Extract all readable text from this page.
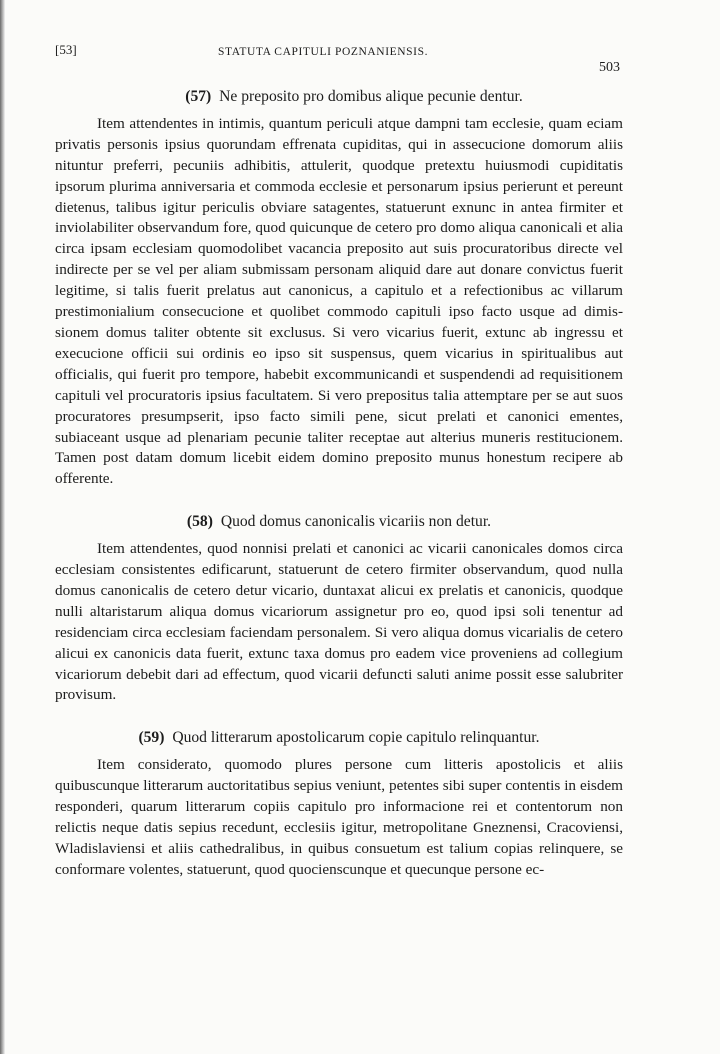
[53]	STATUTA CAPITULI POZNANIENSIS.
503
(57) Ne preposito pro domibus alique pecunie dentur.

Item attendentes in intimis, quantum periculi atque dampni tam ecclesie, quam eciam privatis personis ipsius quorundam effrenata cupiditas, qui in assecucione domorum aliis nituntur preferri, pecuniis adhibitis, attulerit, quodque pretextu huiusmodi cupiditatis ipsorum plurima anniversaria et commoda ecclesie et personarum ipsius perierunt et pereunt dietenus, talibus igitur periculis obviare satagentes, statuerunt exnunc in antea firmiter et inviolabiliter observandum fore, quod quicunque de cetero pro domo aliqua canonicali et alia circa ipsam ecclesiam quomodolibet vacancia preposito aut suis procuratoribus directe vel indirecte per se vel per aliam submissam personam aliquid dare aut donare convictus fuerit legitime, si talis fuerit prelatus aut canonicus, a capitulo et a refectionibus ac villarum prestimonialium consecucione et quolibet commodo capituli ipso facto usque ad dimissionem domus taliter obtente sit exclusus. Si vero vicarius fuerit, extunc ab ingressu et execucione officii sui ordinis eo ipso sit suspensus, quem vicarius in spiritualibus aut officialis, qui fuerit pro tempore, habebit excommunicandi et suspendendi ad requisitionem capituli vel procuratoris ipsius facultatem. Si vero prepositus talia attemptare per se aut suos procuratores presumpserit, ipso facto simili pene, sicut prelati et canonici ementes, subiaceant usque ad plenariam pecunie taliter receptae aut alterius muneris restitucionem. Tamen post datam domum licebit eidem domino preposito munus honestum recipere ab offerente.

(58) Quod domus canonicalis vicariis non detur.

Item attendentes, quod nonnisi prelati et canonici ac vicarii canonicales domos circa ecclesiam consistentes edificarunt, statuerunt de cetero firmiter observandum, quod nulla domus canonicalis de cetero detur vicario, duntaxat alicui ex prelatis et canonicis, quodque nulli altaristarum aliqua domus vicariorum assignetur pro eo, quod ipsi soli tenentur ad residenciam circa ecclesiam faciendam personalem. Si vero aliqua domus vicarialis de cetero alicui ex canonicis data fuerit, extunc taxa domus pro eadem vice proveniens ad collegium vicariorum debebit dari ad effectum, quod vicarii defuncti saluti anime possit esse salubriter provisum.

(59) Quod litterarum apostolicarum copie capitulo relinquantur.

Item considerato, quomodo plures persone cum litteris apostolicis et aliis quibuscunque litterarum auctoritatibus sepius veniunt, petentes sibi super contentis in eisdem responderi, quarum litterarum copiis capitulo pro informacione rei et contentorum non relictis neque datis sepius recedunt, ecclesiis igitur, metropolitane Gneznensi, Cracoviensi, Wladislaviensi et aliis cathedralibus, in quibus consuetum est talium copias relinquere, se conformare volentes, statuerunt, quod quocienscunque et quecunque persone ec-
